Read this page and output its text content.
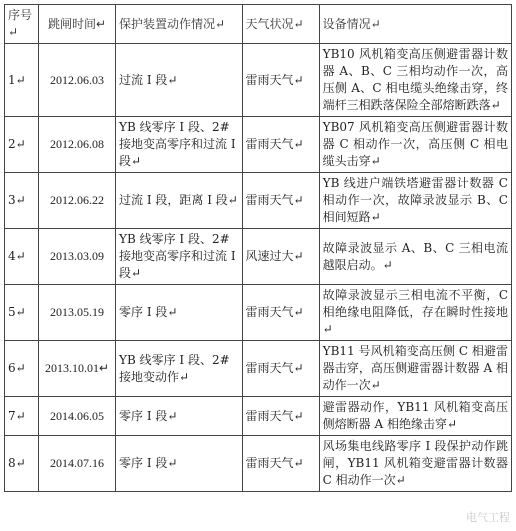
序号↵	跳闸时间↵	保护装置动作情况↵	天气状况↵	设备情况↵
1↵	2012.06.03	过流 I 段↵	雷雨天气↵	YB10 风机箱变高压侧避雷器计数器 A、B、C 三相均动作一次，高压侧 A、C 相电缆头绝缘击穿，终端杆三相跌落保险全部熔断跌落↵
2↵	2012.06.08	YB 线零序 I 段、2# 接地变高零序和过流 I 段↵	雷雨天气↵	YB07 风机箱变高压侧避雷器计数器 C 相动作一次，高压侧 C 相电缆头击穿↵
3↵	2012.06.22	过流 I 段，距离 I 段↵	雷雨天气↵	YB 线进户端铁塔避雷器计数器 C 相动作一次，故障录波显示 B、C 相间短路↵
4↵	2013.03.09	YB 线零序 I 段、2# 接地变高零序和过流 I 段↵	风速过大↵	故障录波显示 A、B、C 三相电流越限启动。↵
5↵	2013.05.19	零序 I 段↵	雷雨天气↵	故障录波显示三相电流不平衡，C 相绝缘电阻降低，存在瞬时性接地↵
6↵	2013.10.01↵	YB 线零序 I 段、2# 接地变动作↵	雷雨天气↵	YB11 号风机箱变高压侧 C 相避雷器击穿，高压侧避雷器计数器 A 相动作一次↵
7↵	2014.06.05	零序 I 段↵	雷雨天气↵	避雷器动作，YB11 风机箱变高压侧熔断器 A 相绝缘击穿↵
8↵	2014.07.16	零序 I 段↵	雷雨天气↵	风场集电线路零序 I 段保护动作跳闸，YB11 风机箱变避雷器计数器 C 相动作一次↵
电气工程
